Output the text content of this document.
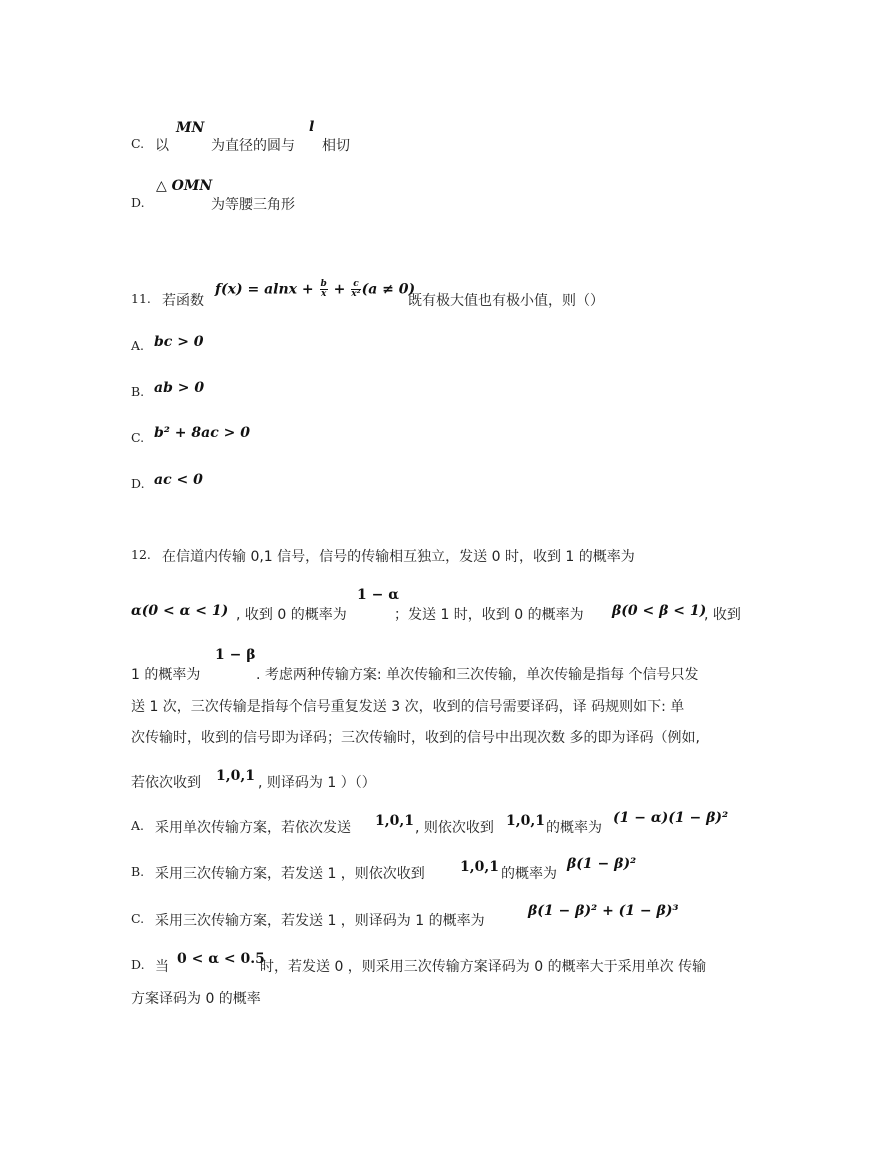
C. 以
MN
为直径的圆与
l
相切
D.
△ OMN
为等腰三角形
11. 若函数
$f(x) = alnx + \frac{b}{x} + \frac{c}{\text{x²}} (a \ne 0)$
既有极大值也有极小值，则（）
A. bc > 0
B. ab > 0
C. b² + 8ac > 0
D. ac < 0
12. 在信道内传输 0,1 信号，信号的传输相互独立，发送 0 时，收到 1 的概率为
α(0 < α < 1) , 收到 0 的概率为
1 − α
；发送 1 时，收到 0 的概率为 β(0 < β < 1)
, 收到
1 的概率为
1 − β
. 考虑两种传输方案: 单次传输和三次传输，单次传输是指每 个信号只发
送 1 次，三次传输是指每个信号重复发送 3 次，收到的信号需要译码，译 码规则如下: 单
次传输时，收到的信号即为译码；三次传输时，收到的信号中出现次数 多的即为译码（例如,
若依次收到 1,0,1 , 则译码为 1 ）（）
A. 采用单次传输方案，若依次发送 1,0,1 , 则依次收到 1,0,1 的概率为
(1 − α)(1 − β)²
B. 采用三次传输方案，若发送 1 ，则依次收到	1,0,1 的概率为
β(1 − β)²
C. 采用三次传输方案，若发送 1 ，则译码为 1 的概率为
β(1 − β)² + (1 − β)³
D. 当 0 < α < 0.5
时，若发送 0 ，则采用三次传输方案译码为 0 的概率大于采用单次 传输
方案译码为 0 的概率
